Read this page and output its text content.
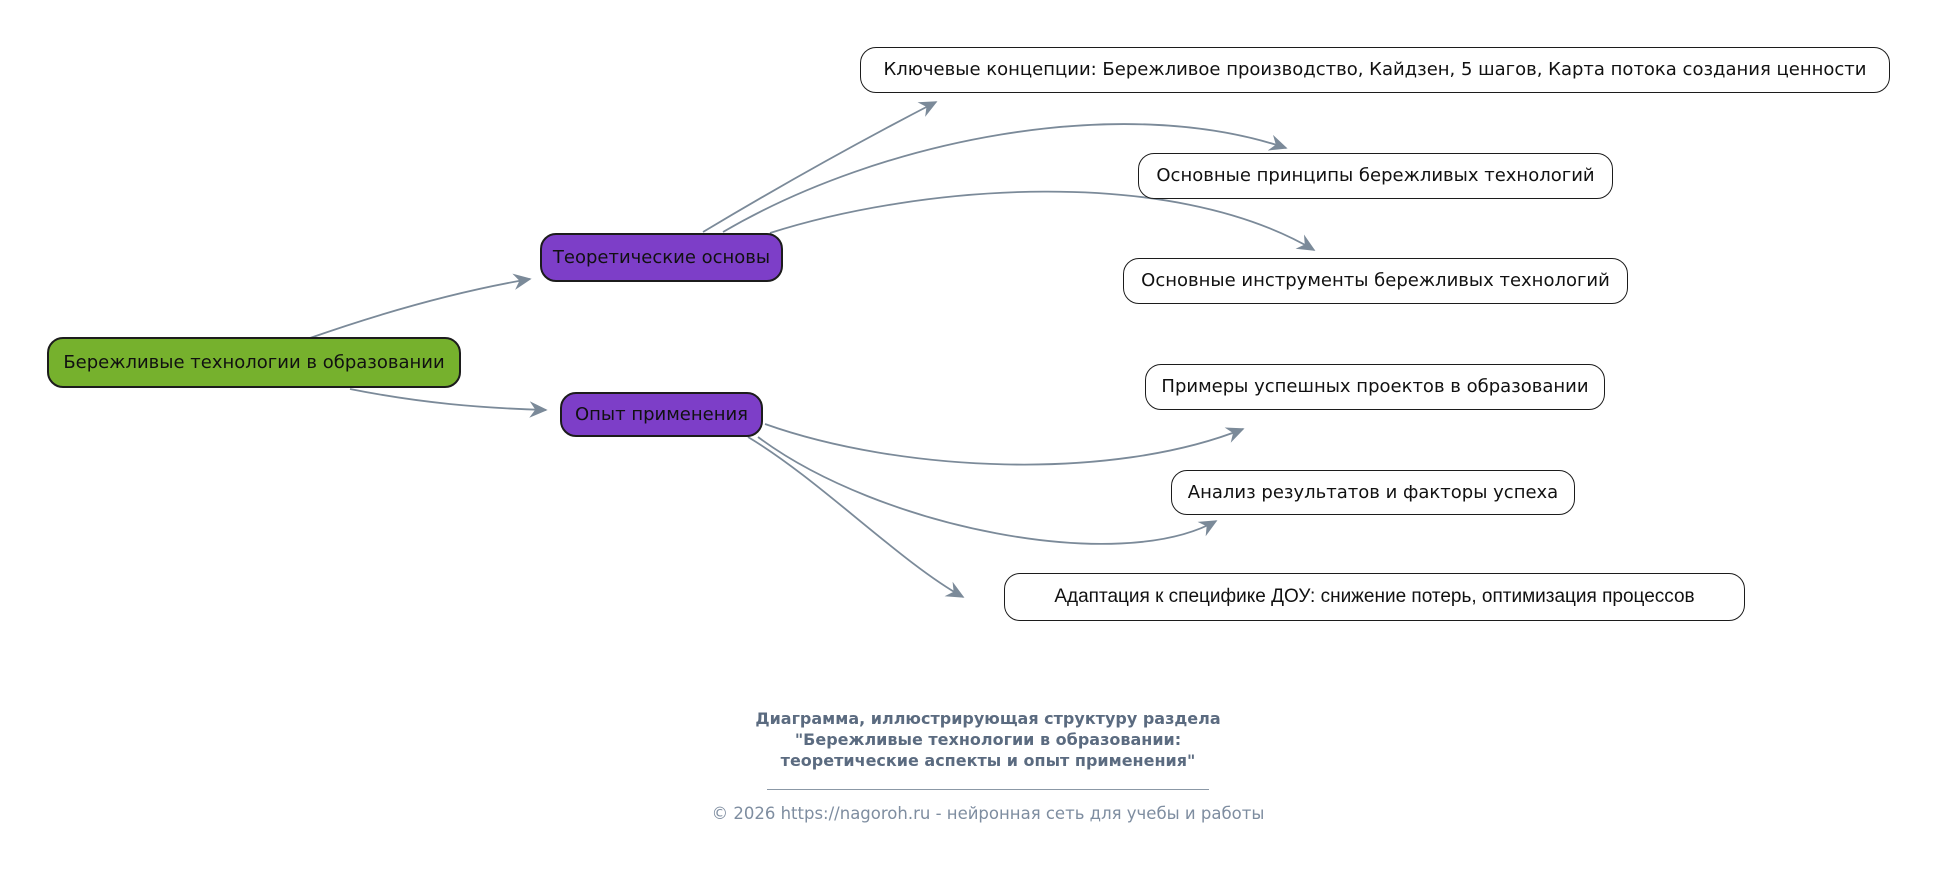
Бережливые технологии в образовании
Теоретические основы
Опыт применения
Ключевые концепции: Бережливое производство, Кайдзен, 5 шагов, Карта потока создания ценности
Основные принципы бережливых технологий
Основные инструменты бережливых технологий
Примеры успешных проектов в образовании
Анализ результатов и факторы успеха
Адаптация к специфике ДОУ: снижение потерь, оптимизация процессов
Диаграмма, иллюстрирующая структуру раздела
"Бережливые технологии в образовании:
теоретические аспекты и опыт применения"
© 2026 https://nagoroh.ru - нейронная сеть для учебы и работы
